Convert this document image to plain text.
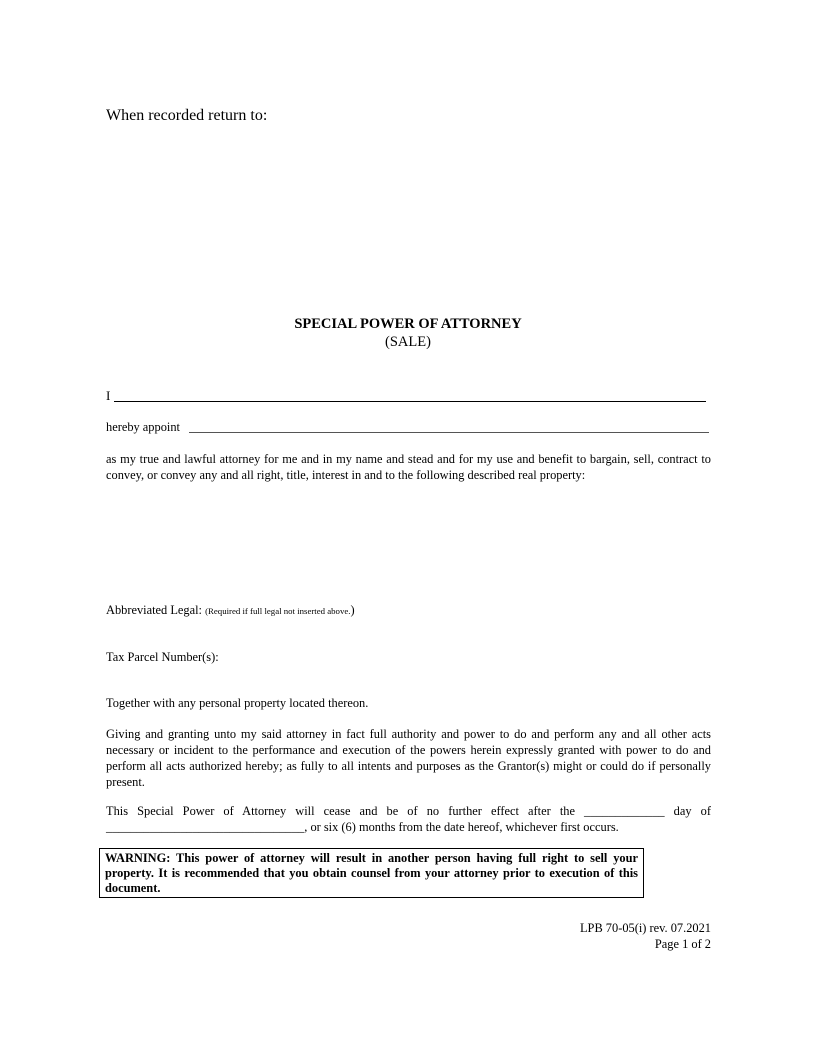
When recorded return to:
SPECIAL POWER OF ATTORNEY
(SALE)
I
hereby appoint
as my true and lawful attorney for me and in my name and stead and for my use and benefit to bargain, sell, contract to convey, or convey any and all right, title, interest in and to the following described real property:
Abbreviated Legal: (Required if full legal not inserted above.)
Tax Parcel Number(s):
Together with any personal property located thereon.
Giving and granting unto my said attorney in fact full authority and power to do and perform any and all other acts necessary or incident to the performance and execution of the powers herein expressly granted with power to do and perform all acts authorized hereby; as fully to all intents and purposes as the Grantor(s) might or could do if personally present.
This Special Power of Attorney will cease and be of no further effect after the _____________ day of
________________________________, or six (6) months from the date hereof, whichever first occurs.
WARNING: This power of attorney will result in another person having full right to sell your property. It is recommended that you obtain counsel from your attorney prior to execution of this document.
LPB 70-05(i) rev. 07.2021
Page 1 of 2
